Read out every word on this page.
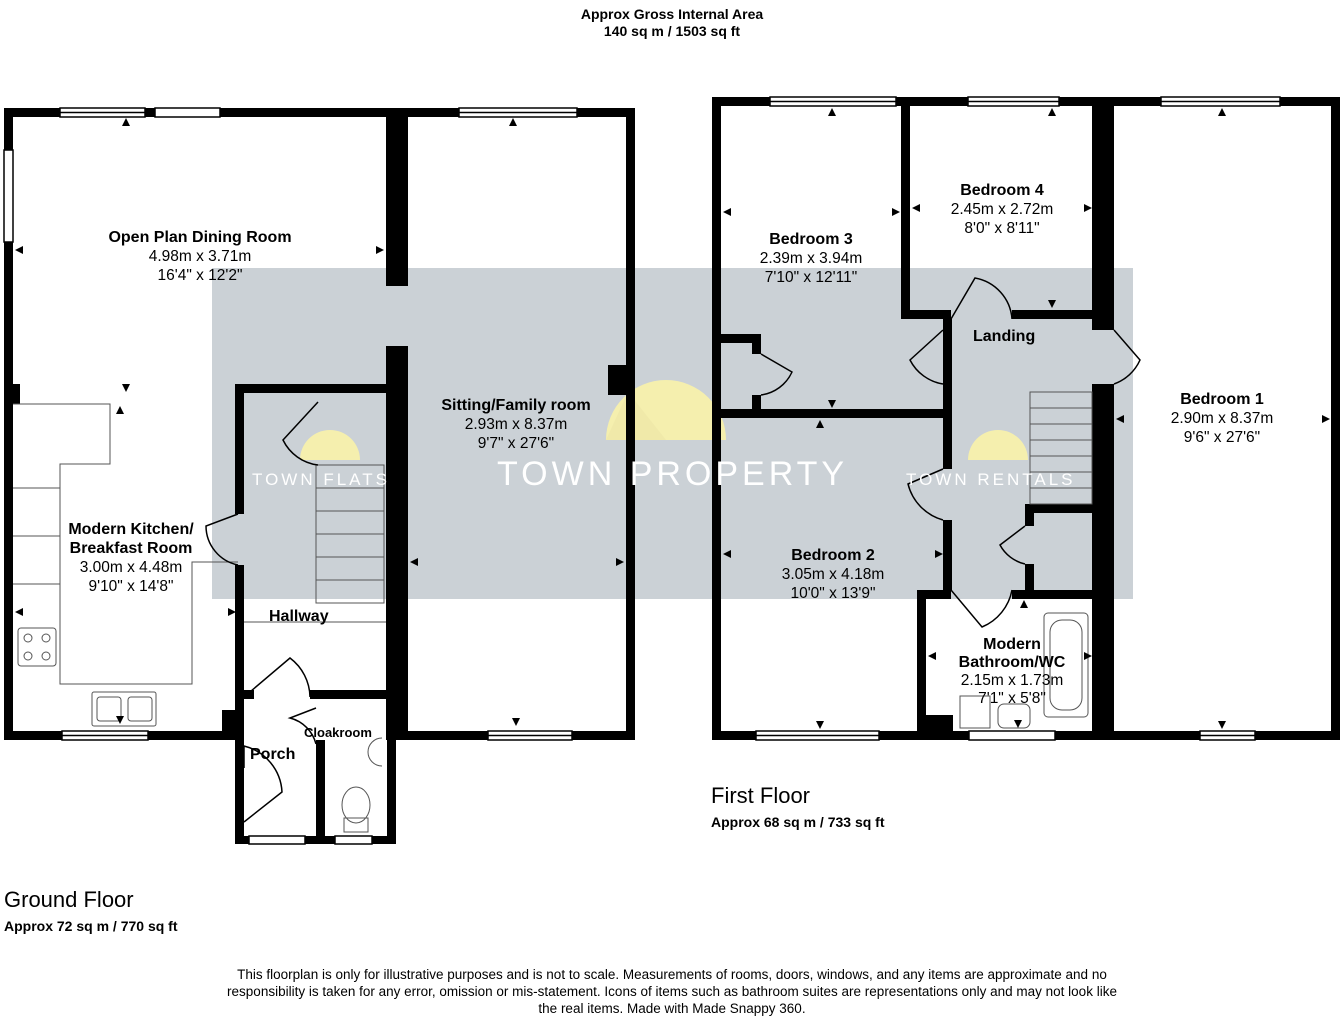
Approx Gross Internal Area
140 sq m / 1503 sq ft
TOWN PROPERTY
TOWN FLATS	TOWN RENTALS
Open Plan Dining Room
4.98m x 3.71m
16'4" x 12'2"
Modern Kitchen/
Breakfast Room
3.00m x 4.48m
9'10" x 14'8"
Sitting/Family room
2.93m x 8.37m
9'7" x 27'6"
Hallway
Porch
Cloakroom
Bedroom 3
2.39m x 3.94m
7'10" x 12'11"
Bedroom 4
2.45m x 2.72m
8'0" x 8'11"
Bedroom 1
2.90m x 8.37m
9'6" x 27'6"
Bedroom 2
3.05m x 4.18m
10'0" x 13'9"
Landing
Modern
Bathroom/WC
2.15m x 1.73m
7'1" x 5'8"
First Floor
Approx 68 sq m / 733 sq ft
Ground Floor
Approx 72 sq m / 770 sq ft
This floorplan is only for illustrative purposes and is not to scale. Measurements of rooms, doors, windows, and any items are approximate and no responsibility is taken for any error, omission or mis-statement. Icons of items such as bathroom suites are representations only and may not look like the real items. Made with Made Snappy 360.
